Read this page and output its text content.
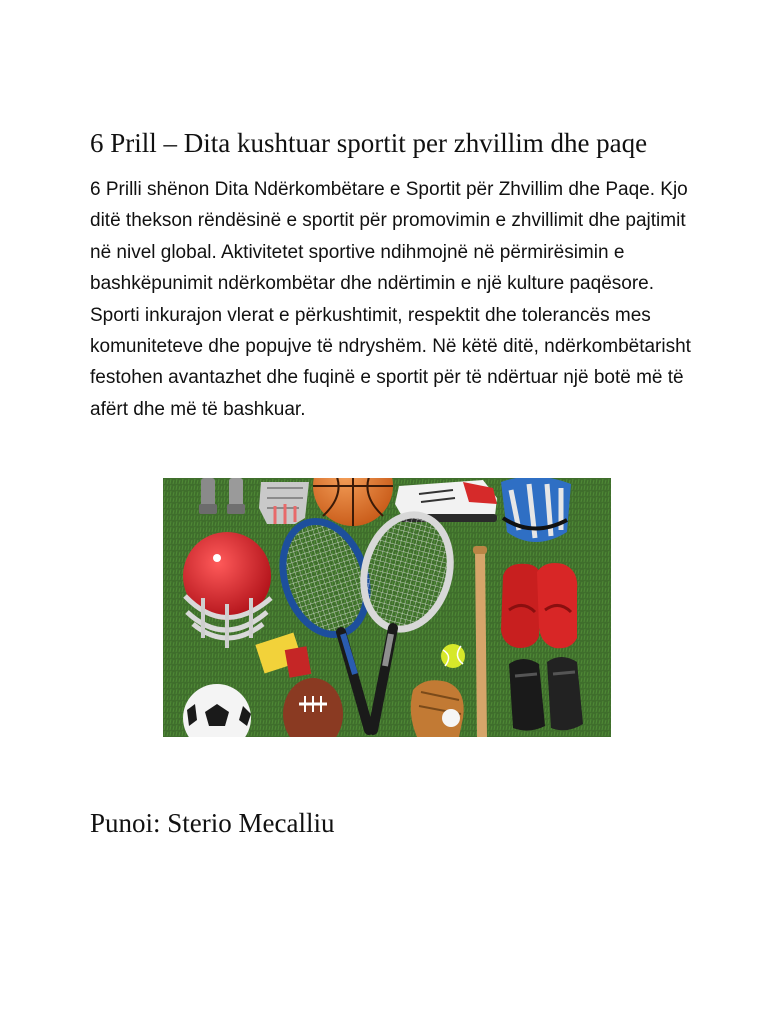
6 Prill – Dita kushtuar sportit per zhvillim dhe paqe

6 Prilli shënon Dita Ndërkombëtare e Sportit për Zhvillim dhe Paqe. Kjo
ditë thekson rëndësinë e sportit për promovimin e zhvillimit dhe pajtimit
në nivel global. Aktivitetet sportive ndihmojnë në përmirësimin e
bashkëpunimit ndërkombëtar dhe ndërtimin e një kulture paqësore.
Sporti inkurajon vlerat e përkushtimit, respektit dhe tolerancës mes
komuniteteve dhe popujve të ndryshëm. Në këtë ditë, ndërkombëtarisht
festohen avantazhet dhe fuqinë e sportit për të ndërtuar një botë më të
afërt dhe më të bashkuar.

Punoi: Sterio Mecalliu
